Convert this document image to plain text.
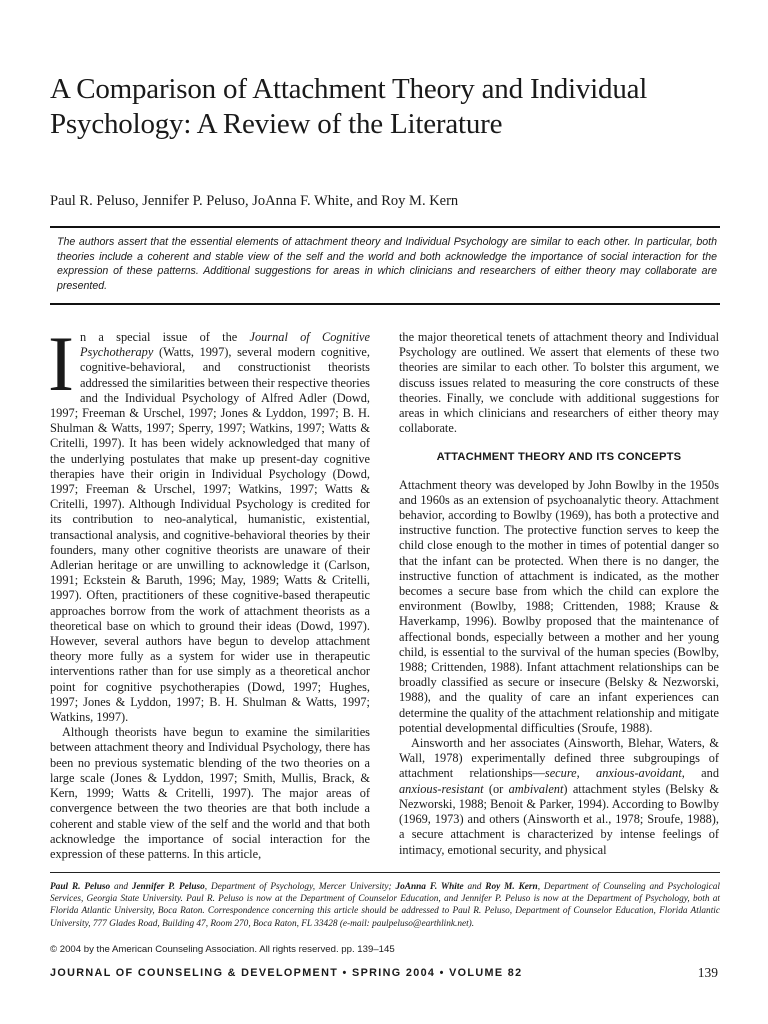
A Comparison of Attachment Theory and Individual Psychology: A Review of the Literature
Paul R. Peluso, Jennifer P. Peluso, JoAnna F. White, and Roy M. Kern

The authors assert that the essential elements of attachment theory and Individual Psychology are similar to each other. In particular, both theories include a coherent and stable view of the self and the world and both acknowledge the importance of social interaction for the expression of these patterns. Additional suggestions for areas in which clinicians and researchers of either theory may collaborate are presented.

In a special issue of the Journal of Cognitive Psychotherapy (Watts, 1997), several modern cognitive, cognitive-behavioral, and constructionist theorists addressed the similarities between their respective theories and the Individual Psychology of Alfred Adler (Dowd, 1997; Freeman & Urschel, 1997; Jones & Lyddon, 1997; B. H. Shulman & Watts, 1997; Sperry, 1997; Watkins, 1997; Watts & Critelli, 1997). It has been widely acknowledged that many of the underlying postulates that make up present-day cognitive therapies have their origin in Individual Psychology (Dowd, 1997; Freeman & Urschel, 1997; Watkins, 1997; Watts & Critelli, 1997). Although Individual Psychology is credited for its contribution to neo-analytical, humanistic, existential, transactional analysis, and cognitive-behavioral theories by their founders, many other cognitive theorists are unaware of their Adlerian heritage or are unwilling to acknowledge it (Carlson, 1991; Eckstein & Baruth, 1996; May, 1989; Watts & Critelli, 1997). Often, practitioners of these cognitive-based therapeutic approaches borrow from the work of attachment theorists as a theoretical base on which to ground their ideas (Dowd, 1997). However, several authors have begun to develop attachment theory more fully as a system for wider use in therapeutic interventions rather than for use simply as a theoretical anchor point for cognitive psychotherapies (Dowd, 1997; Hughes, 1997; Jones & Lyddon, 1997; B. H. Shulman & Watts, 1997; Watkins, 1997).

Although theorists have begun to examine the similarities between attachment theory and Individual Psychology, there has been no previous systematic blending of the two theories on a large scale (Jones & Lyddon, 1997; Smith, Mullis, Brack, & Kern, 1999; Watts & Critelli, 1997). The major areas of convergence between the two theories are that both include a coherent and stable view of the self and the world and that both acknowledge the importance of social interaction for the expression of these patterns. In this article,

the major theoretical tenets of attachment theory and Individual Psychology are outlined. We assert that elements of these two theories are similar to each other. To bolster this argument, we discuss issues related to measuring the core constructs of these theories. Finally, we conclude with additional suggestions for areas in which clinicians and researchers of either theory may collaborate.

ATTACHMENT THEORY AND ITS CONCEPTS

Attachment theory was developed by John Bowlby in the 1950s and 1960s as an extension of psychoanalytic theory. Attachment behavior, according to Bowlby (1969), has both a protective and instructive function. The protective function serves to keep the child close enough to the mother in times of potential danger so that the infant can be protected. When there is no danger, the instructive function of attachment is indicated, as the mother becomes a secure base from which the child can explore the environment (Bowlby, 1988; Crittenden, 1988; Krause & Haverkamp, 1996). Bowlby proposed that the maintenance of affectional bonds, especially between a mother and her young child, is essential to the survival of the human species (Bowlby, 1988; Crittenden, 1988). Infant attachment relationships can be broadly classified as secure or insecure (Belsky & Nezworski, 1988), and the quality of care an infant experiences can determine the quality of the attachment relationship and mitigate potential developmental difficulties (Sroufe, 1988).

Ainsworth and her associates (Ainsworth, Blehar, Waters, & Wall, 1978) experimentally defined three subgroupings of attachment relationships—secure, anxious-avoidant, and anxious-resistant (or ambivalent) attachment styles (Belsky & Nezworski, 1988; Benoit & Parker, 1994). According to Bowlby (1969, 1973) and others (Ainsworth et al., 1978; Sroufe, 1988), a secure attachment is characterized by intense feelings of intimacy, emotional security, and physical

Paul R. Peluso and Jennifer P. Peluso, Department of Psychology, Mercer University; JoAnna F. White and Roy M. Kern, Department of Counseling and Psychological Services, Georgia State University. Paul R. Peluso is now at the Department of Counselor Education, and Jennifer P. Peluso is now at the Department of Psychology, both at Florida Atlantic University, Boca Raton. Correspondence concerning this article should be addressed to Paul R. Peluso, Department of Counselor Education, Florida Atlantic University, 777 Glades Road, Building 47, Room 270, Boca Raton, FL 33428 (e-mail: paulpeluso@earthlink.net).

© 2004 by the American Counseling Association. All rights reserved. pp. 139–145
JOURNAL OF COUNSELING & DEVELOPMENT • SPRING 2004 • VOLUME 82	139
